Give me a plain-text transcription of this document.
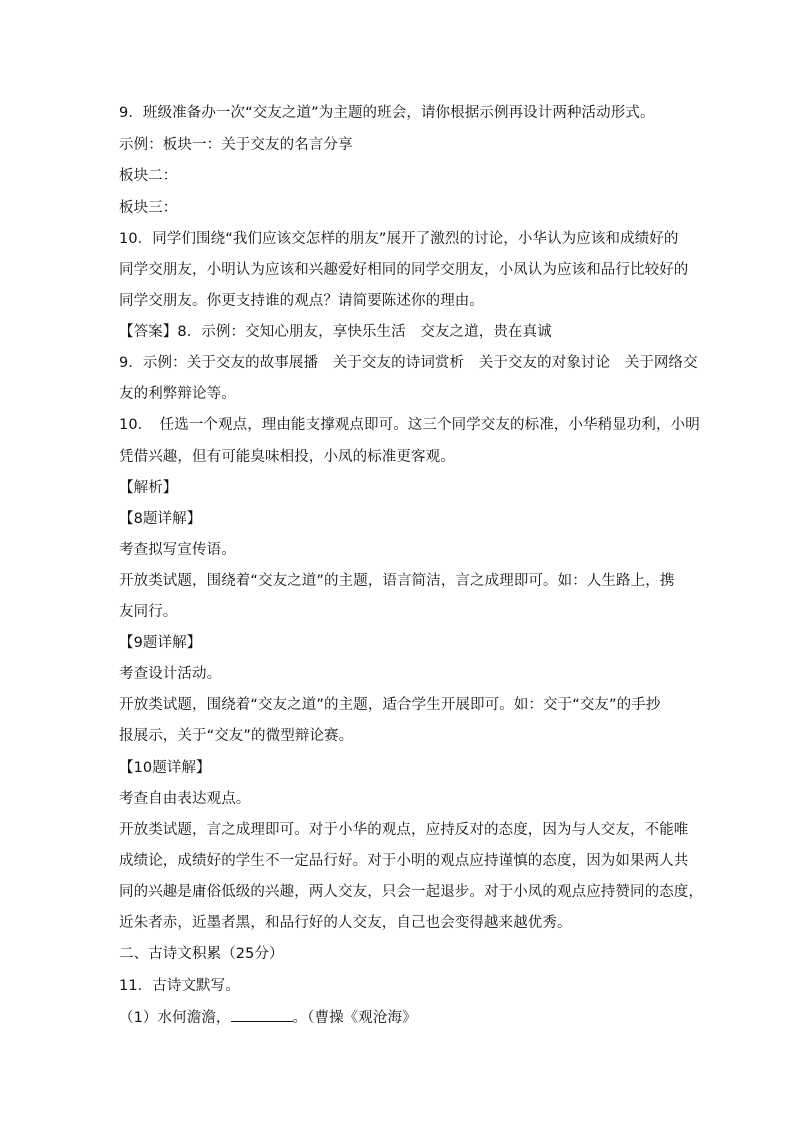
9．班级准备办一次“交友之道”为主题的班会，请你根据示例再设计两种活动形式。
示例：板块一：关于交友的名言分享
板块二：
板块三：
10．同学们围绕“我们应该交怎样的朋友”展开了激烈的讨论，小华认为应该和成绩好的
同学交朋友，小明认为应该和兴趣爱好相同的同学交朋友，小凤认为应该和品行比较好的
同学交朋友。你更支持谁的观点？请简要陈述你的理由。
【答案】8．示例：交知心朋友，享快乐生活　交友之道，贵在真诚
9．示例：关于交友的故事展播　关于交友的诗词赏析　关于交友的对象讨论　关于网络交
友的利弊辩论等。
10．　任选一个观点，理由能支撑观点即可。这三个同学交友的标准，小华稍显功利，小明
凭借兴趣，但有可能臭味相投，小凤的标准更客观。
【解析】
【8题详解】
考查拟写宣传语。
开放类试题，围绕着“交友之道”的主题，语言简洁，言之成理即可。如：人生路上，携
友同行。
【9题详解】
考查设计活动。
开放类试题，围绕着“交友之道”的主题，适合学生开展即可。如：交于“交友”的手抄
报展示，关于“交友”的微型辩论赛。
【10题详解】
考查自由表达观点。
开放类试题，言之成理即可。对于小华的观点，应持反对的态度，因为与人交友，不能唯
成绩论，成绩好的学生不一定品行好。对于小明的观点应持谨慎的态度，因为如果两人共
同的兴趣是庸俗低级的兴趣，两人交友，只会一起退步。对于小凤的观点应持赞同的态度，
近朱者赤，近墨者黑，和品行好的人交友，自己也会变得越来越优秀。
二、古诗文积累（25分）
11．古诗文默写。
（1）水何澹澹，	。（曹操《观沧海》
